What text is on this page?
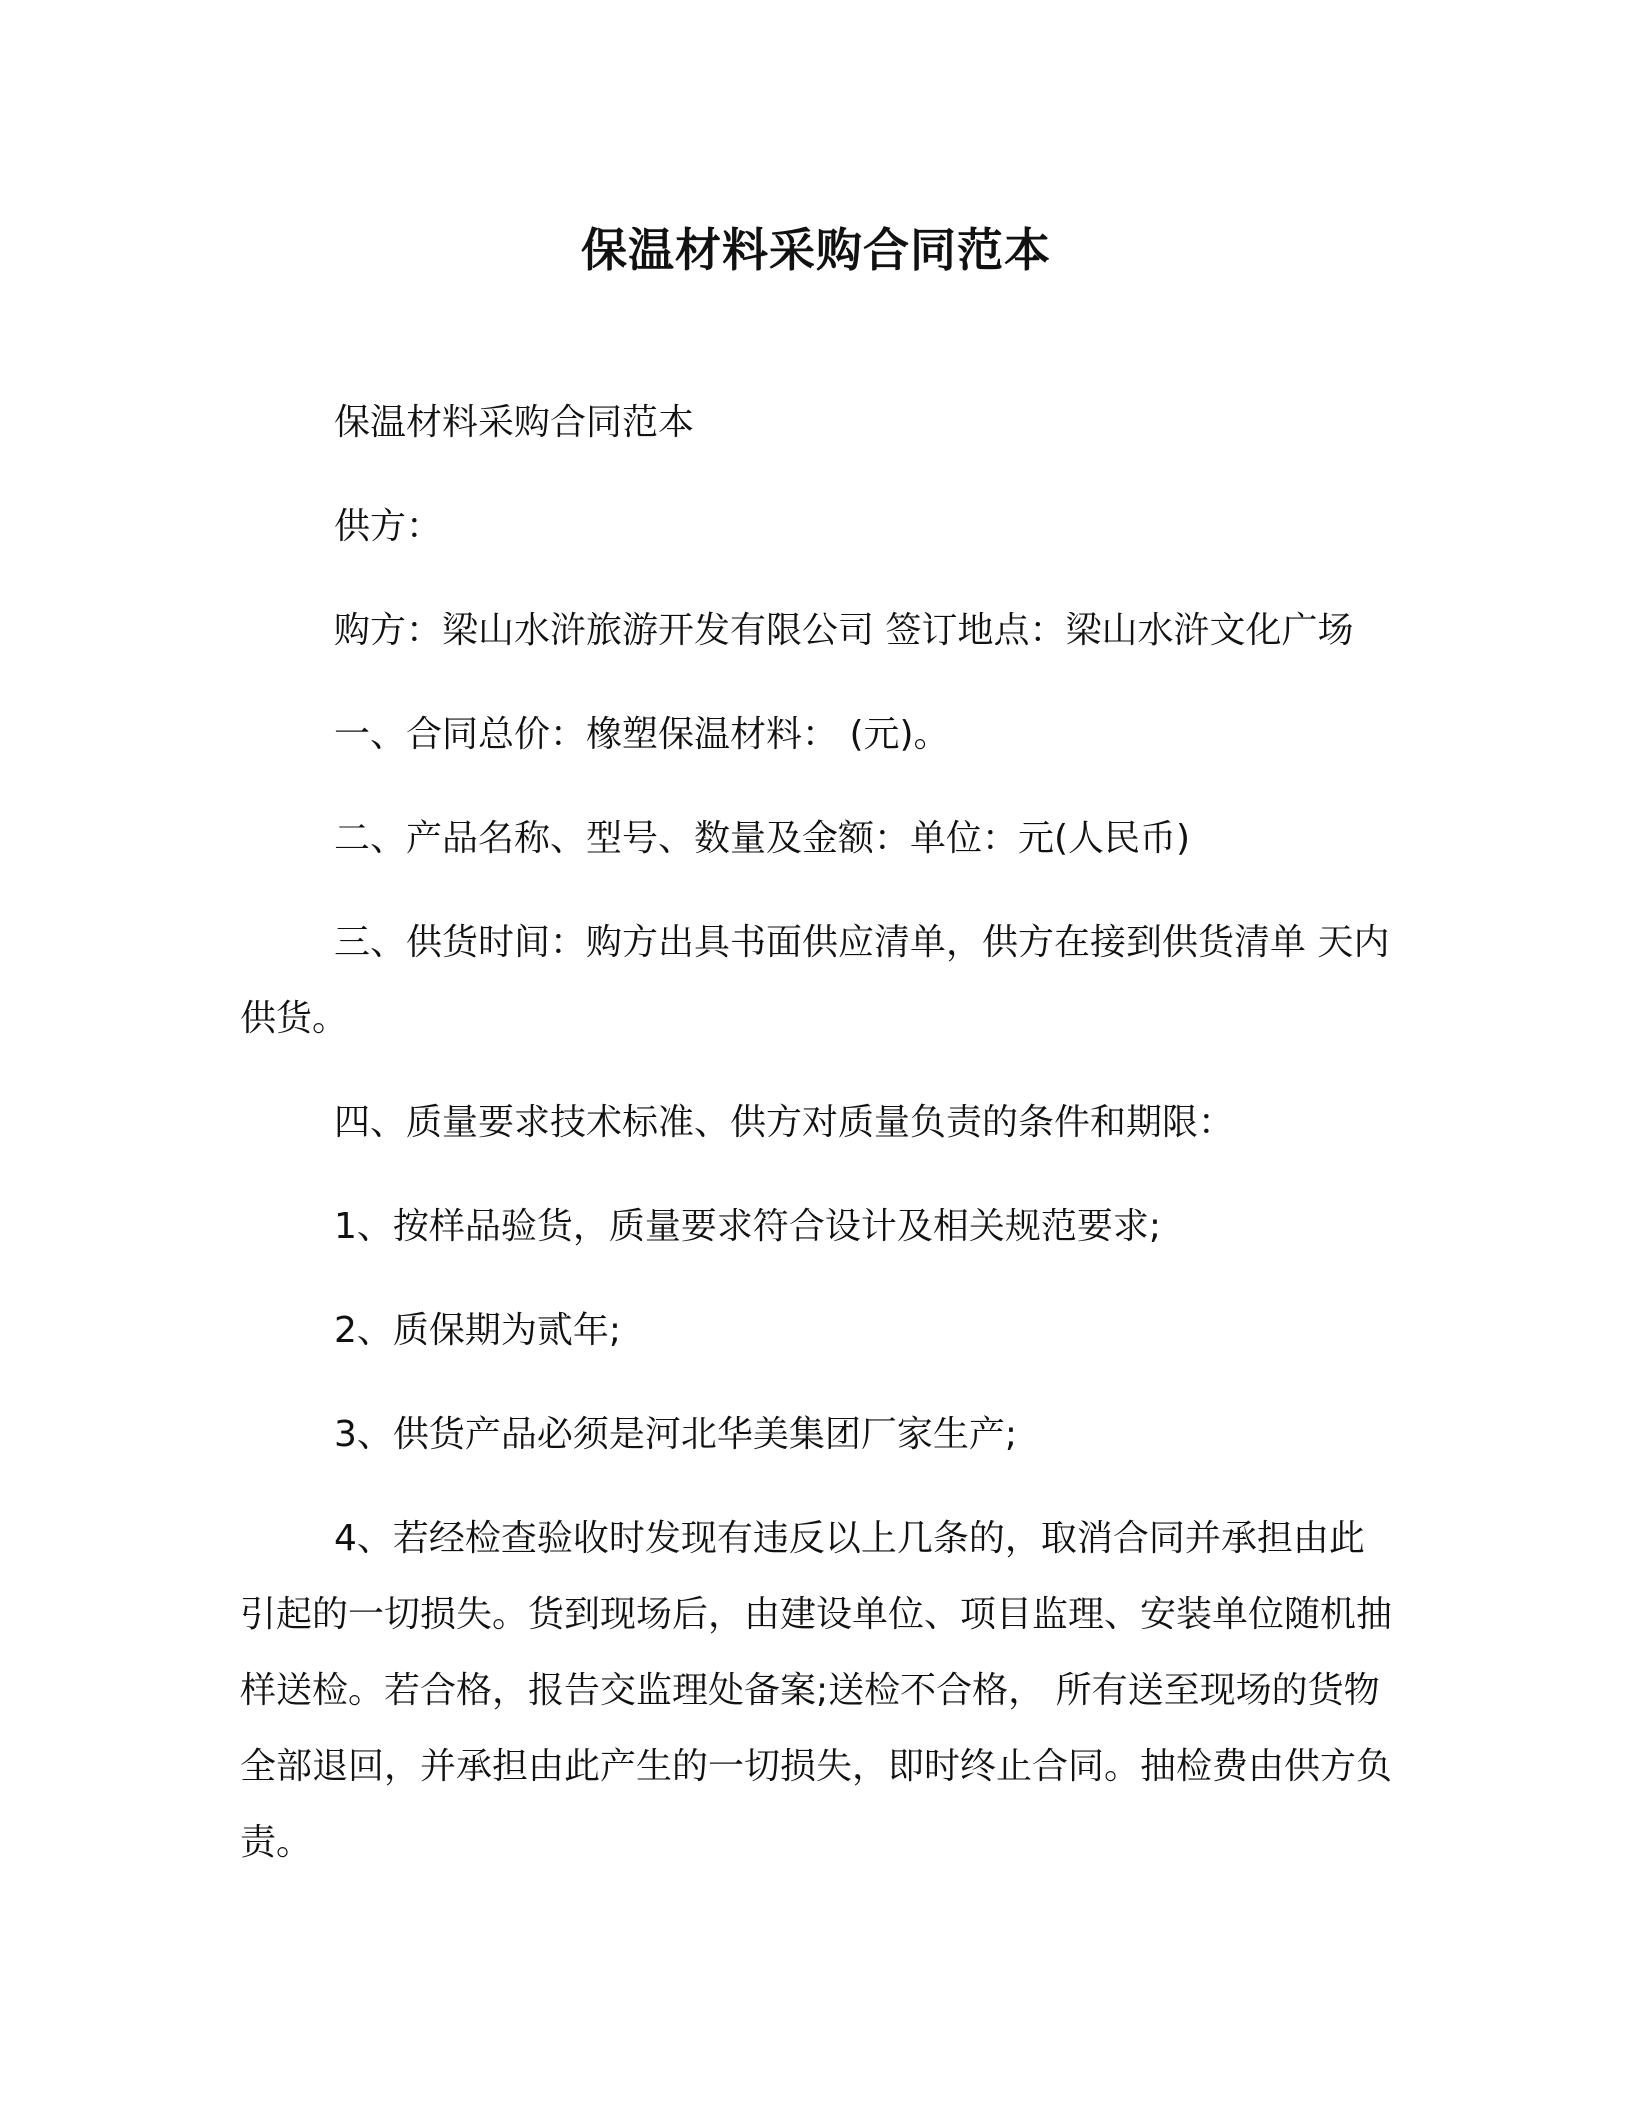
保温材料采购合同范本

保温材料采购合同范本

供方：

购方：梁山水浒旅游开发有限公司 签订地点：梁山水浒文化广场

一、合同总价：橡塑保温材料： (元)。

二、产品名称、型号、数量及金额：单位：元(人民币)

三、供货时间：购方出具书面供应清单，供方在接到供货清单 天内供货。

四、质量要求技术标准、供方对质量负责的条件和期限：

1、按样品验货，质量要求符合设计及相关规范要求;

2、质保期为贰年;

3、供货产品必须是河北华美集团厂家生产;

4、若经检查验收时发现有违反以上几条的，取消合同并承担由此引起的一切损失。货到现场后，由建设单位、项目监理、安装单位随机抽样送检。若合格，报告交监理处备案;送检不合格， 所有送至现场的货物全部退回，并承担由此产生的一切损失，即时终止合同。抽检费由供方负 责。
